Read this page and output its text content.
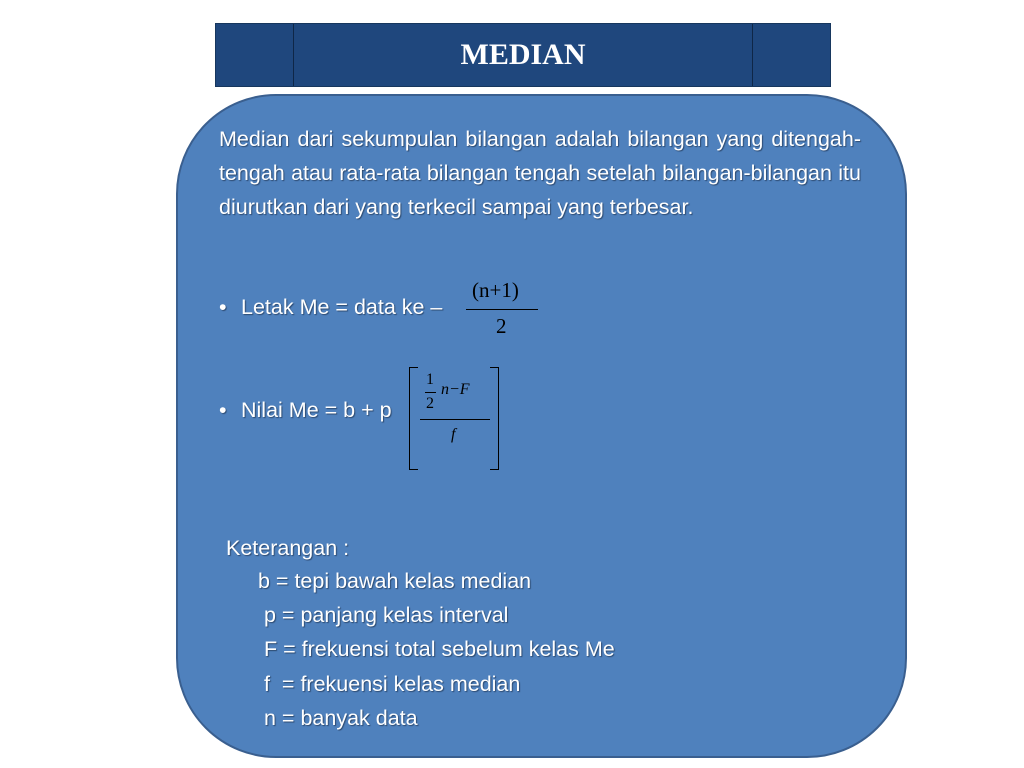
MEDIAN

Median dari sekumpulan bilangan adalah bilangan yang ditengah-tengah atau rata-rata bilangan tengah setelah bilangan-bilangan itu diurutkan dari yang terkecil sampai yang terbesar.

• Letak Me = data ke –
(n+1)
2
• Nilai Me = b + p
1
2
n−F
f
Keterangan :
b = tepi bawah kelas median
p = panjang kelas interval
F = frekuensi total sebelum kelas Me
f  = frekuensi kelas median
n = banyak data
